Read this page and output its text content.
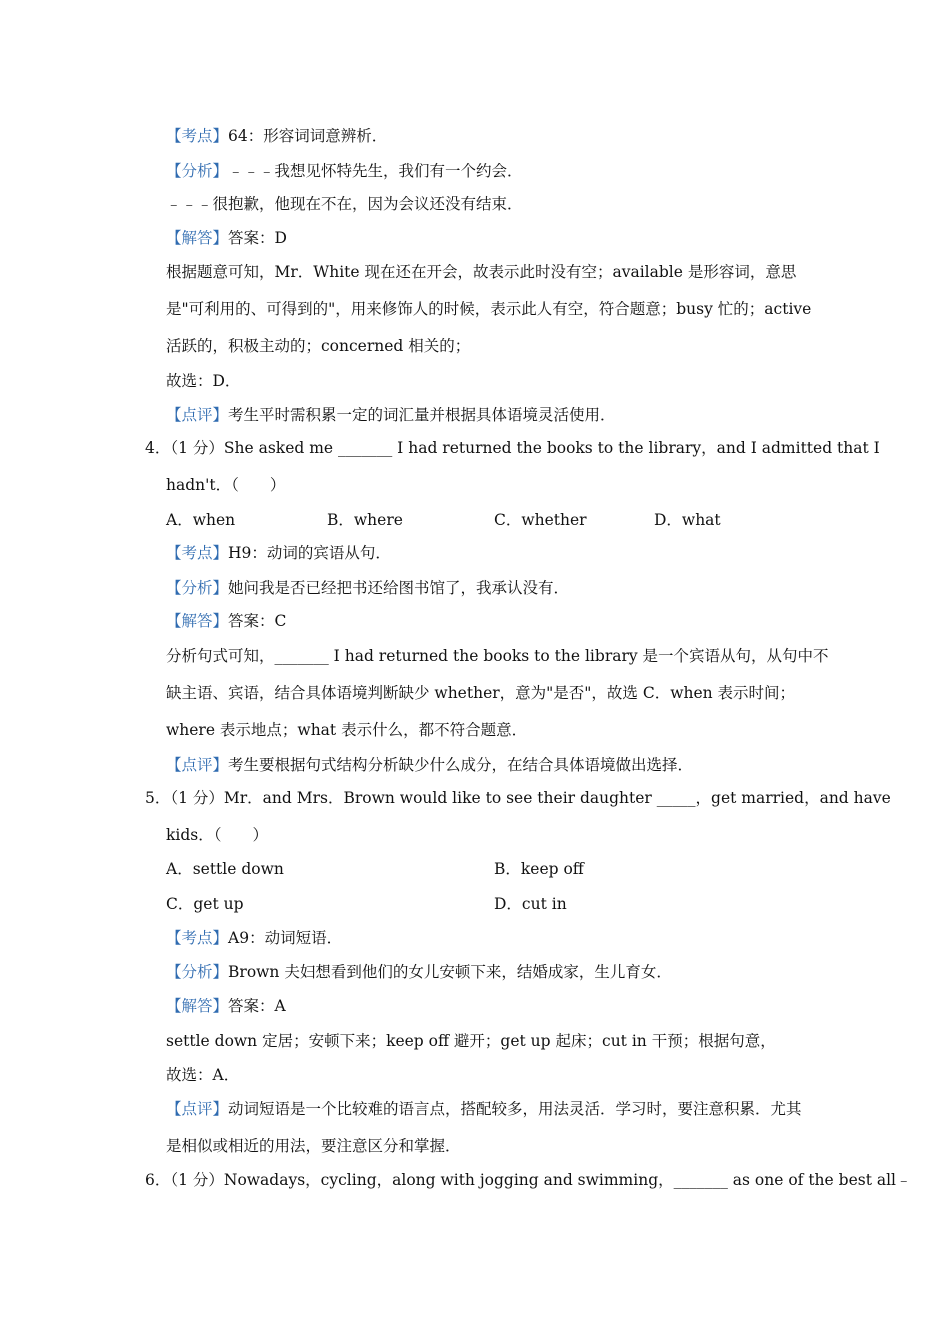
【考点】64：形容词词意辨析．
【分析】﹣﹣﹣我想见怀特先生，我们有一个约会．
﹣﹣﹣很抱歉，他现在不在，因为会议还没有结束．
【解答】答案：D
根据题意可知，Mr．White 现在还在开会，故表示此时没有空；available 是形容词，意思
是"可利用的、可得到的"，用来修饰人的时候，表示此人有空，符合题意；busy 忙的；active
活跃的，积极主动的；concerned 相关的；
故选：D．
【点评】考生平时需积累一定的词汇量并根据具体语境灵活使用．
4．（1 分）She asked me _______ I had returned the books to the library，and I admitted that I
hadn't．（　　）
A．when	B．where	C．whether	D．what
【考点】H9：动词的宾语从句．
【分析】她问我是否已经把书还给图书馆了，我承认没有．
【解答】答案：C
分析句式可知，_______ I had returned the books to the library 是一个宾语从句，从句中不
缺主语、宾语，结合具体语境判断缺少 whether，意为"是否"，故选 C．when 表示时间；
where 表示地点；what 表示什么，都不符合题意．
【点评】考生要根据句式结构分析缺少什么成分，在结合具体语境做出选择．
5．（1 分）Mr．and Mrs．Brown would like to see their daughter _____，get married，and have
kids．（　　）
A．settle down	B．keep off
C．get up	D．cut in
【考点】A9：动词短语．
【分析】Brown 夫妇想看到他们的女儿安顿下来，结婚成家，生儿育女．
【解答】答案：A
settle down 定居；安顿下来；keep off 避开；get up 起床；cut in 干预；根据句意，
故选：A．
【点评】动词短语是一个比较难的语言点，搭配较多，用法灵活．学习时，要注意积累．尤其
是相似或相近的用法，要注意区分和掌握．
6．（1 分）Nowadays，cycling，along with jogging and swimming，_______ as one of the best all﹣
